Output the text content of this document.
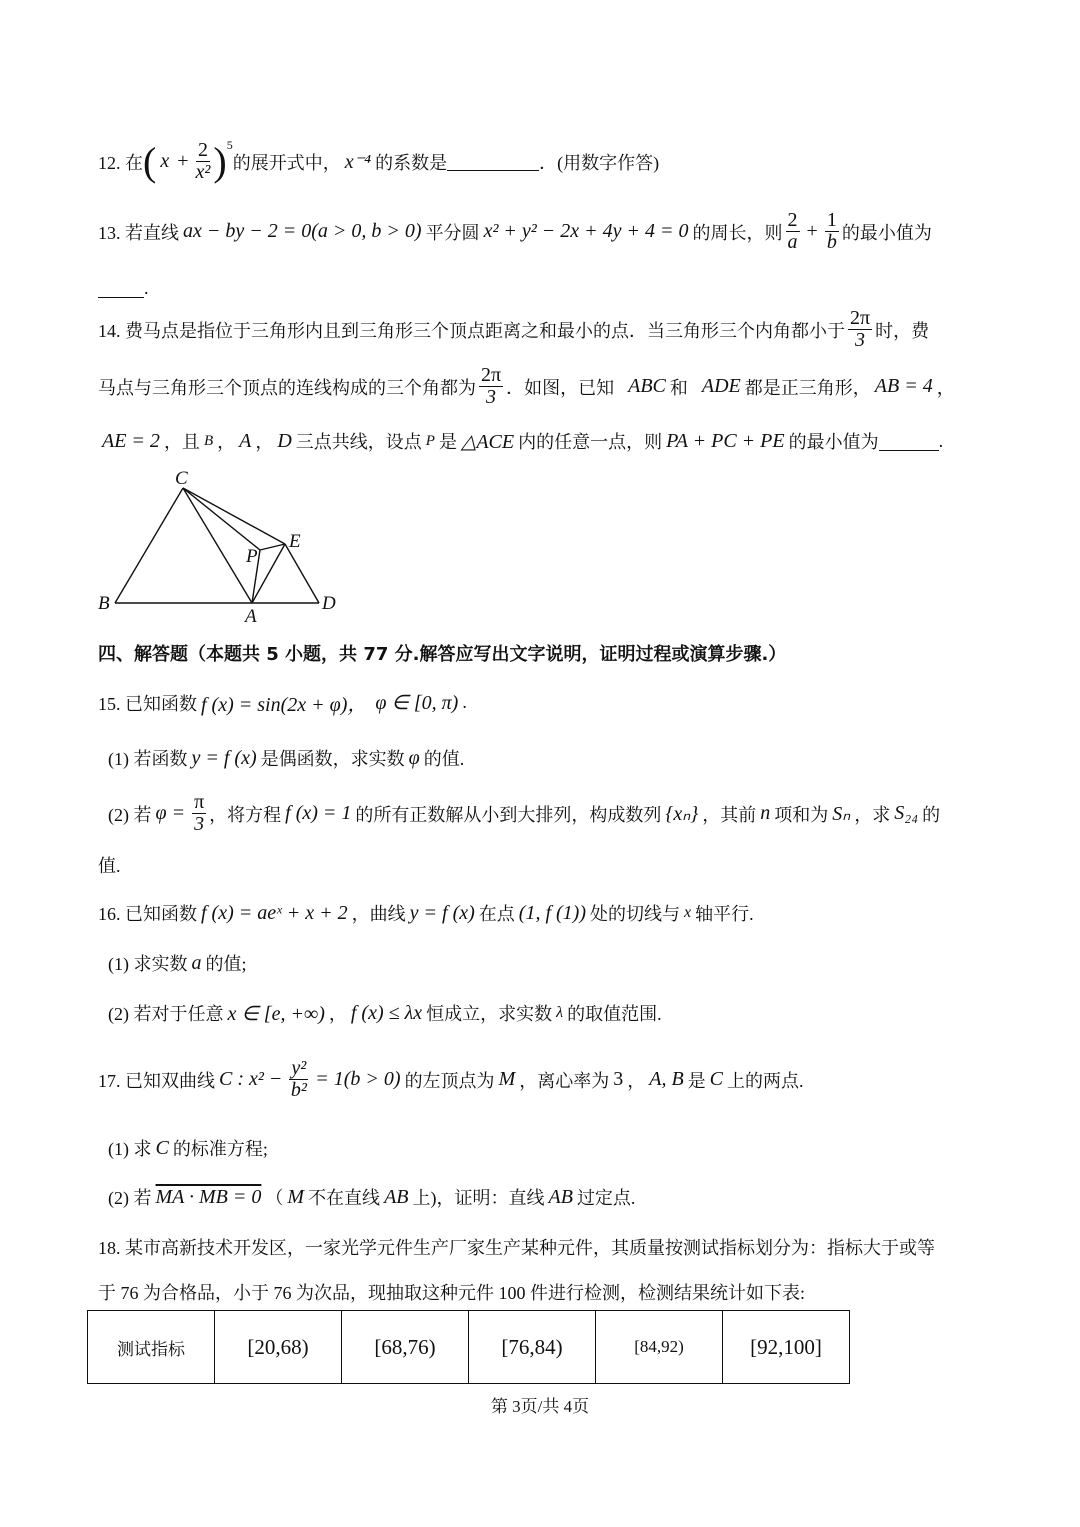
12. 在 ( $x + \frac{2}{\text{x²}} )^5$
的展开式中， x⁻⁴ 的系数是	．(用数字作答)
13. 若直线 ax − by − 2 = 0(a > 0, b > 0) 平分圆 x² + y² − 2x + 4y + 4 = 0 的周长，则 $\frac{2}{a} + \frac{1}{b}$ 的最小值为
.
14. 费马点是指位于三角形内且到三角形三个顶点距离之和最小的点．当三角形三个内角都小于 $\frac{2\pi}{3}$ 时，费
马点与三角形三个顶点的连线构成的三个角都为 $\frac{2\pi}{3}$ ．如图，已知 ABC 和 ADE 都是正三角形， AB = 4 ，
AE = 2 ，且 B ， A ， D 三点共线，设点 P 是 △ACE 内的任意一点，则 PA + PC + PE 的最小值为	.
C
B
A
D
E
P
四、解答题（本题共 5 小题，共 77 分.解答应写出文字说明，证明过程或演算步骤.）
15. 已知函数 f (x) = sin(2x + φ)， φ ∈ [0, π) .
(1) 若函数 y = f (x) 是偶函数，求实数 φ 的值.
(2) 若 $\varphi = \frac{\pi}{3}$ ，将方程 f (x) = 1 的所有正数解从小到大排列，构成数列 {xₙ} ，其前 n 项和为 Sₙ ，求 S₂₄ 的
值.
16. 已知函数 f (x) = aeˣ + x + 2 ，曲线 y = f (x) 在点 (1, f (1)) 处的切线与 x 轴平行.
(1) 求实数 a 的值;
(2) 若对于任意 x ∈ [e, +∞) ， f (x) ≤ λx 恒成立，求实数 λ 的取值范围.
17. 已知双曲线 C : $x^2 - \frac{\text{y²}}{\text{b²}} = 1(b > 0)$ 的左顶点为 M ，离心率为 3 ， A, B 是 C 上的两点.
(1) 求 C 的标准方程;
(2) 若 MA · MB = 0 （ M 不在直线 AB 上)，证明：直线 AB 过定点.
18. 某市高新技术开发区，一家光学元件生产厂家生产某种元件，其质量按测试指标划分为：指标大于或等
于 76 为合格品，小于 76 为次品，现抽取这种元件 100 件进行检测，检测结果统计如下表:
测试指标	[20,68)	[68,76)	[76,84)	[84,92)	[92,100]
第 3页/共 4页
